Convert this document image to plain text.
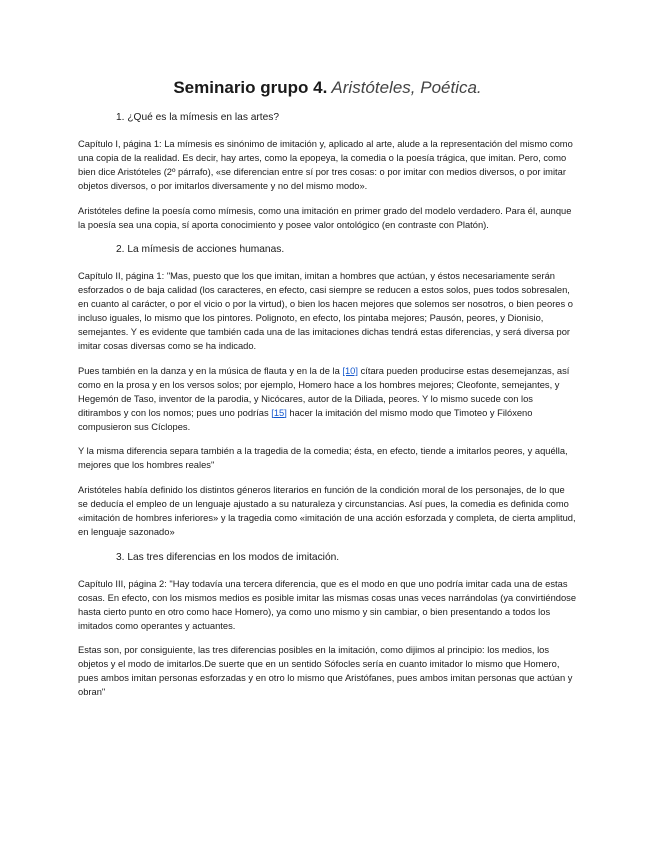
Seminario grupo 4. Aristóteles, Poética.

1. ¿Qué es la mímesis en las artes?

Capítulo I, página 1: La mímesis es sinónimo de imitación y, aplicado al arte, alude a la representación del mismo como una copia de la realidad. Es decir, hay artes, como la epopeya, la comedia o la poesía trágica, que imitan. Pero, como bien dice Aristóteles (2º párrafo), «se diferencian entre sí por tres cosas: o por imitar con medios diversos, o por imitar objetos diversos, o por imitarlos diversamente y no del mismo modo».

Aristóteles define la poesía como mímesis, como una imitación en primer grado del modelo verdadero. Para él, aunque la poesía sea una copia, sí aporta conocimiento y posee valor ontológico (en contraste con Platón).

2. La mímesis de acciones humanas.

Capítulo II, página 1: "Mas, puesto que los que imitan, imitan a hombres que actúan, y éstos necesariamente serán esforzados o de baja calidad (los caracteres, en efecto, casi siempre se reducen a estos solos, pues todos sobresalen, en cuanto al carácter, o por el vicio o por la virtud), o bien los hacen mejores que solemos ser nosotros, o bien peores o incluso iguales, lo mismo que los pintores. Polignoto, en efecto, los pintaba mejores; Pausón, peores, y Dionisio, semejantes. Y es evidente que también cada una de las imitaciones dichas tendrá estas diferencias, y será diversa por imitar cosas diversas como se ha indicado.

Pues también en la danza y en la música de flauta y en la de la [10] cítara pueden producirse estas desemejanzas, así como en la prosa y en los versos solos; por ejemplo, Homero hace a los hombres mejores; Cleofonte, semejantes, y Hegemón de Taso, inventor de la parodia, y Nicócares, autor de la Diliada, peores. Y lo mismo sucede con los ditirambos y con los nomos; pues uno podrías [15] hacer la imitación del mismo modo que Timoteo y Filóxeno compusieron sus Cíclopes.

Y la misma diferencia separa también a la tragedia de la comedia; ésta, en efecto, tiende a imitarlos peores, y aquélla, mejores que los hombres reales"

Aristóteles había definido los distintos géneros literarios en función de la condición moral de los personajes, de lo que se deducía el empleo de un lenguaje ajustado a su naturaleza y circunstancias. Así pues, la comedia es definida como «imitación de hombres inferiores» y la tragedia como «imitación de una acción esforzada y completa, de cierta amplitud, en lenguaje sazonado»

3. Las tres diferencias en los modos de imitación.

Capítulo III, página 2: "Hay todavía una tercera diferencia, que es el modo en que uno podría imitar cada una de estas cosas. En efecto, con los mismos medios es posible imitar las mismas cosas unas veces narrándolas (ya convirtiéndose hasta cierto punto en otro como hace Homero), ya como uno mismo y sin cambiar, o bien presentando a todos los imitados como operantes y actuantes.

Estas son, por consiguiente, las tres diferencias posibles en la imitación, como dijimos al principio: los medios, los objetos y el modo de imitarlos.De suerte que en un sentido Sófocles sería en cuanto imitador lo mismo que Homero, pues ambos imitan personas esforzadas y en otro lo mismo que Aristófanes, pues ambos imitan personas que actúan y obran"
